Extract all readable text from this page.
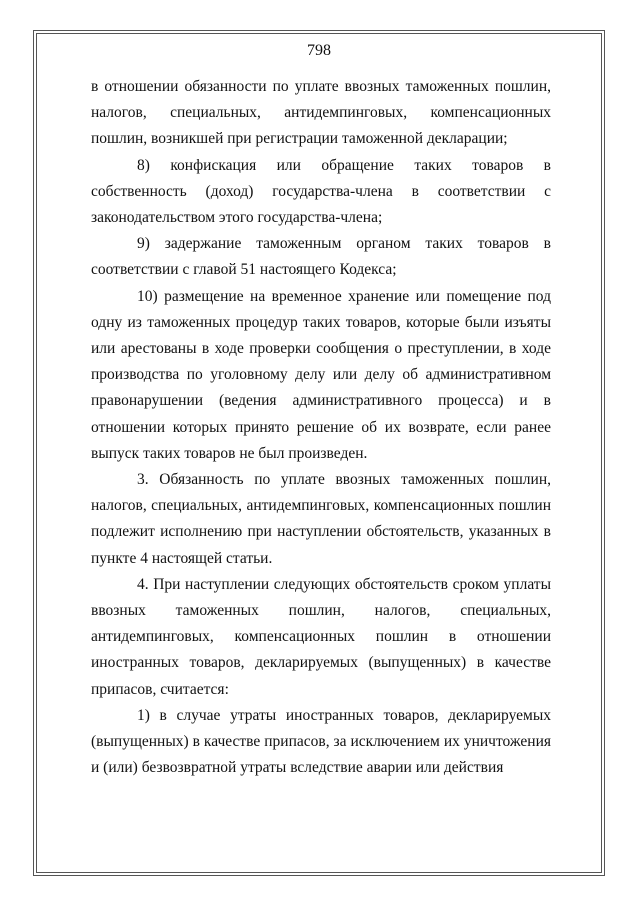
798

в отношении обязанности по уплате ввозных таможенных пошлин, налогов, специальных, антидемпинговых, компенсационных пошлин, возникшей при регистрации таможенной декларации;

8) конфискация или обращение таких товаров в собственность (доход) государства-члена в соответствии с законодательством этого государства-члена;

9) задержание таможенным органом таких товаров в соответствии с главой 51 настоящего Кодекса;

10) размещение на временное хранение или помещение под одну из таможенных процедур таких товаров, которые были изъяты или арестованы в ходе проверки сообщения о преступлении, в ходе производства по уголовному делу или делу об административном правонарушении (ведения административного процесса) и в отношении которых принято решение об их возврате, если ранее выпуск таких товаров не был произведен.

3. Обязанность по уплате ввозных таможенных пошлин, налогов, специальных, антидемпинговых, компенсационных пошлин подлежит исполнению при наступлении обстоятельств, указанных в пункте 4 настоящей статьи.

4. При наступлении следующих обстоятельств сроком уплаты ввозных таможенных пошлин, налогов, специальных, антидемпинговых, компенсационных пошлин в отношении иностранных товаров, декларируемых (выпущенных) в качестве припасов, считается:

1) в случае утраты иностранных товаров, декларируемых (выпущенных) в качестве припасов, за исключением их уничтожения и (или) безвозвратной утраты вследствие аварии или действия
